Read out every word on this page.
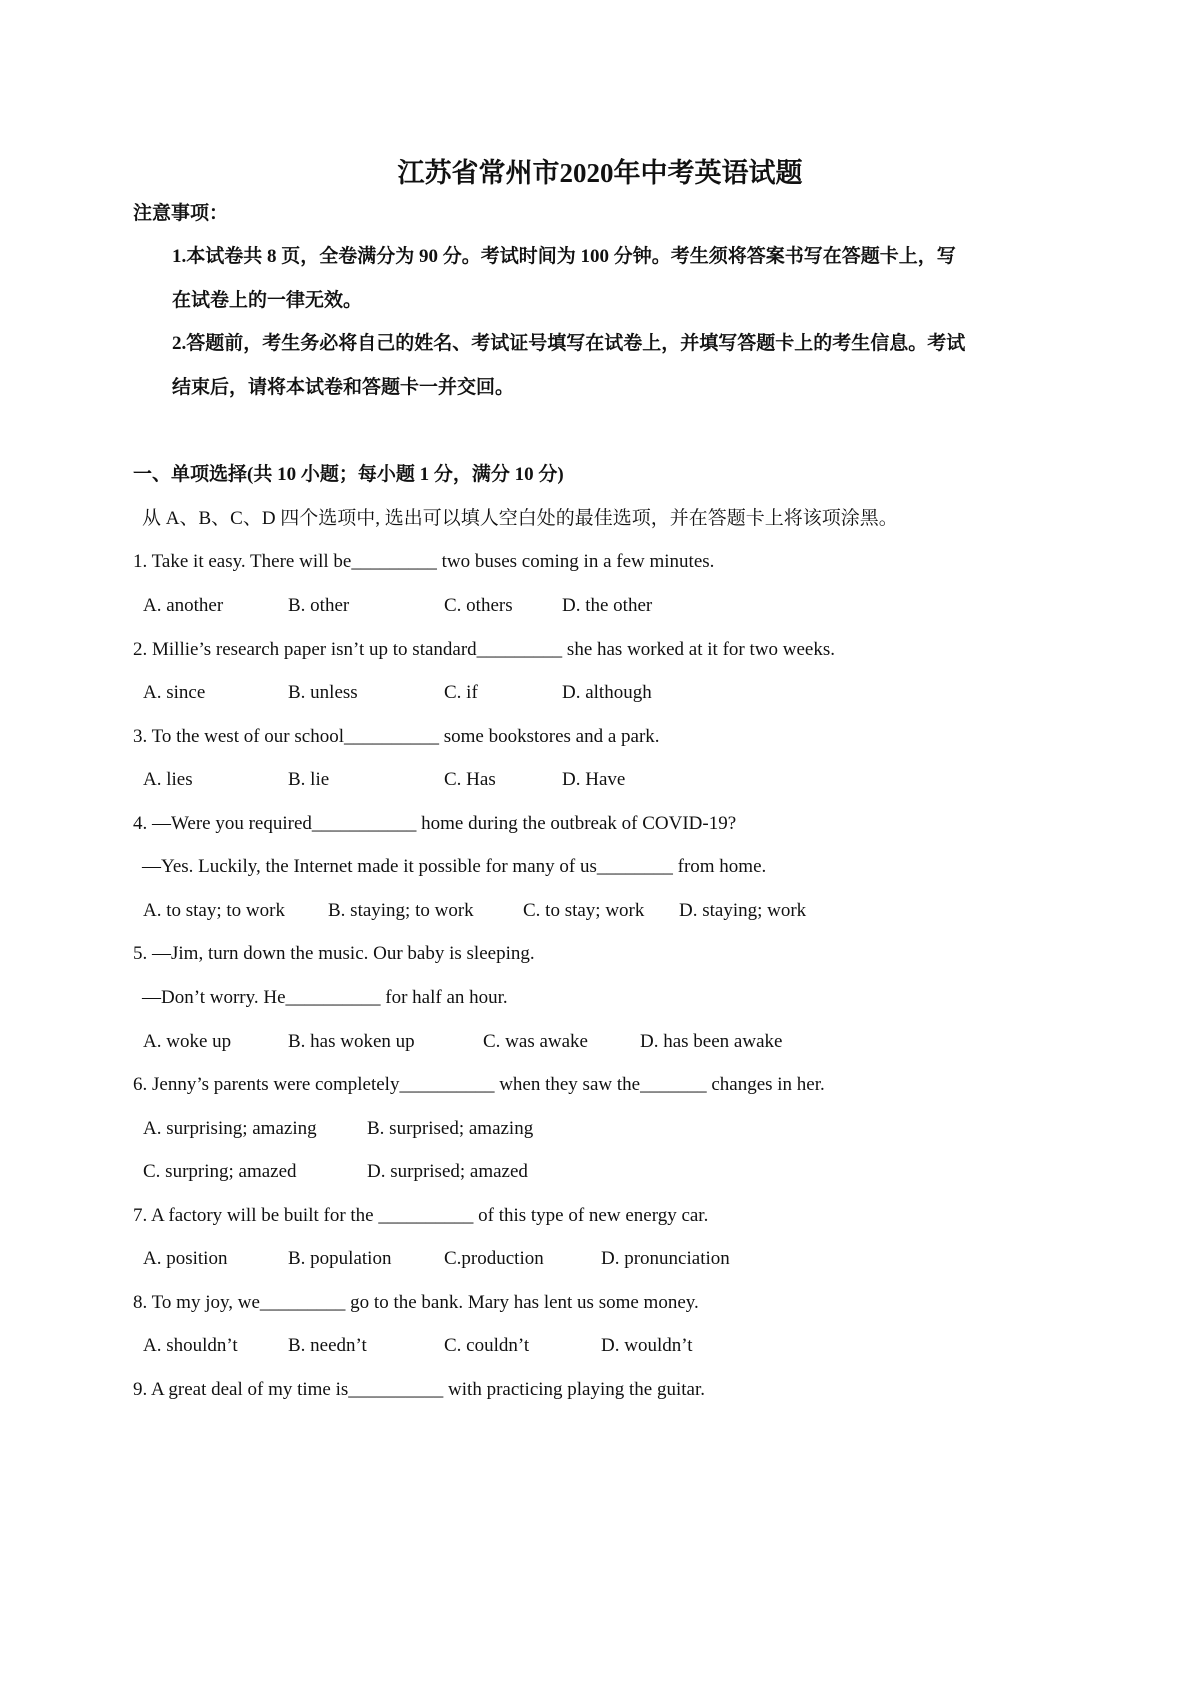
江苏省常州市2020年中考英语试题
注意事项：
1.本试卷共 8 页，全卷满分为 90 分。考试时间为 100 分钟。考生须将答案书写在答题卡上，写
在试卷上的一律无效。
2.答题前，考生务必将自己的姓名、考试证号填写在试卷上，并填写答题卡上的考生信息。考试
结束后，请将本试卷和答题卡一并交回。
一、单项选择(共 10 小题；每小题 1 分，满分 10 分)
从 A、B、C、D 四个选项中, 选出可以填人空白处的最佳选项，并在答题卡上将该项涂黑。
1. Take it easy. There will be_________ two buses coming in a few minutes.
A. another	B. other	C. others	D. the other
2. Millie’s research paper isn’t up to standard_________ she has worked at it for two weeks.
A. since	B. unless	C. if	D. although
3. To the west of our school__________ some bookstores and a park.
A. lies	B. lie	C. Has	D. Have
4. —Were you required___________ home during the outbreak of COVID-19?
—Yes. Luckily, the Internet made it possible for many of us________ from home.
A. to stay; to work B. staying; to work	C. to stay; work D. staying; work
5. —Jim, turn down the music. Our baby is sleeping.
—Don’t worry. He__________ for half an hour.
A. woke up	B. has woken up	C. was awake	D. has been awake
6. Jenny’s parents were completely__________ when they saw the_______ changes in her.
A. surprising; amazing	B. surprised; amazing
C. surpring; amazed	D. surprised; amazed
7. A factory will be built for the __________ of this type of new energy car.
A. position	B. population	C.production	D. pronunciation
8. To my joy, we_________ go to the bank. Mary has lent us some money.
A. shouldn’t	B. needn’t	C. couldn’t	D. wouldn’t
9. A great deal of my time is__________ with practicing playing the guitar.
